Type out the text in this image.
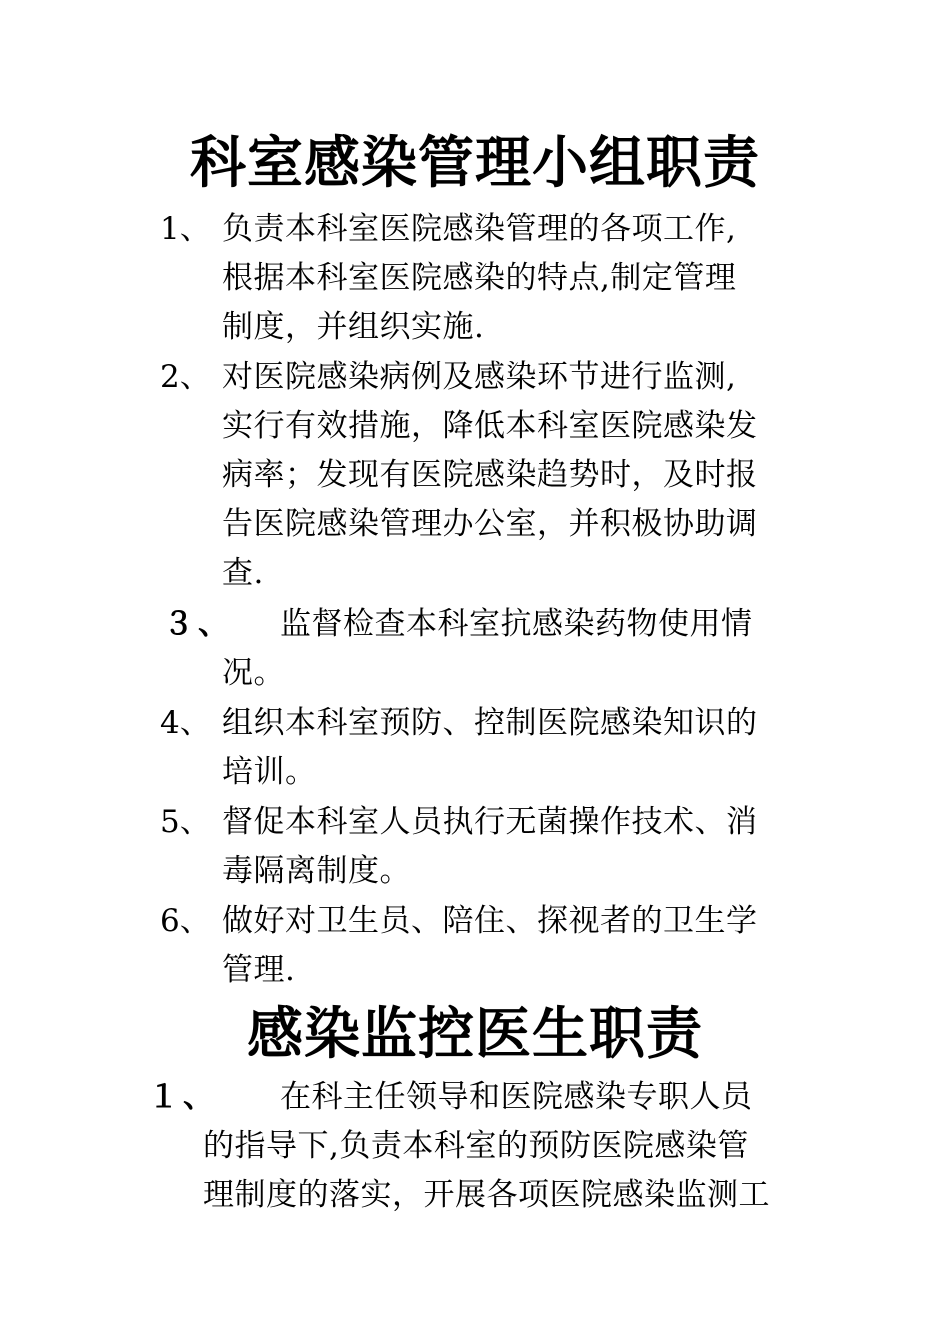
科室感染管理小组职责
1、 负责本科室医院感染管理的各项工作,
根据本科室医院感染的特点,制定管理
制度，并组织实施.
2、 对医院感染病例及感染环节进行监测,
实行有效措施，降低本科室医院感染发
病率；发现有医院感染趋势时，及时报
告医院感染管理办公室，并积极协助调
查.
３、	监督检查本科室抗感染药物使用情
况。
4、 组织本科室预防、控制医院感染知识的
培训。
5、 督促本科室人员执行无菌操作技术、消
毒隔离制度。
6、 做好对卫生员、陪住、探视者的卫生学
管理.
感染监控医生职责
１、	在科主任领导和医院感染专职人员
的指导下,负责本科室的预防医院感染管
理制度的落实，开展各项医院感染监测工
